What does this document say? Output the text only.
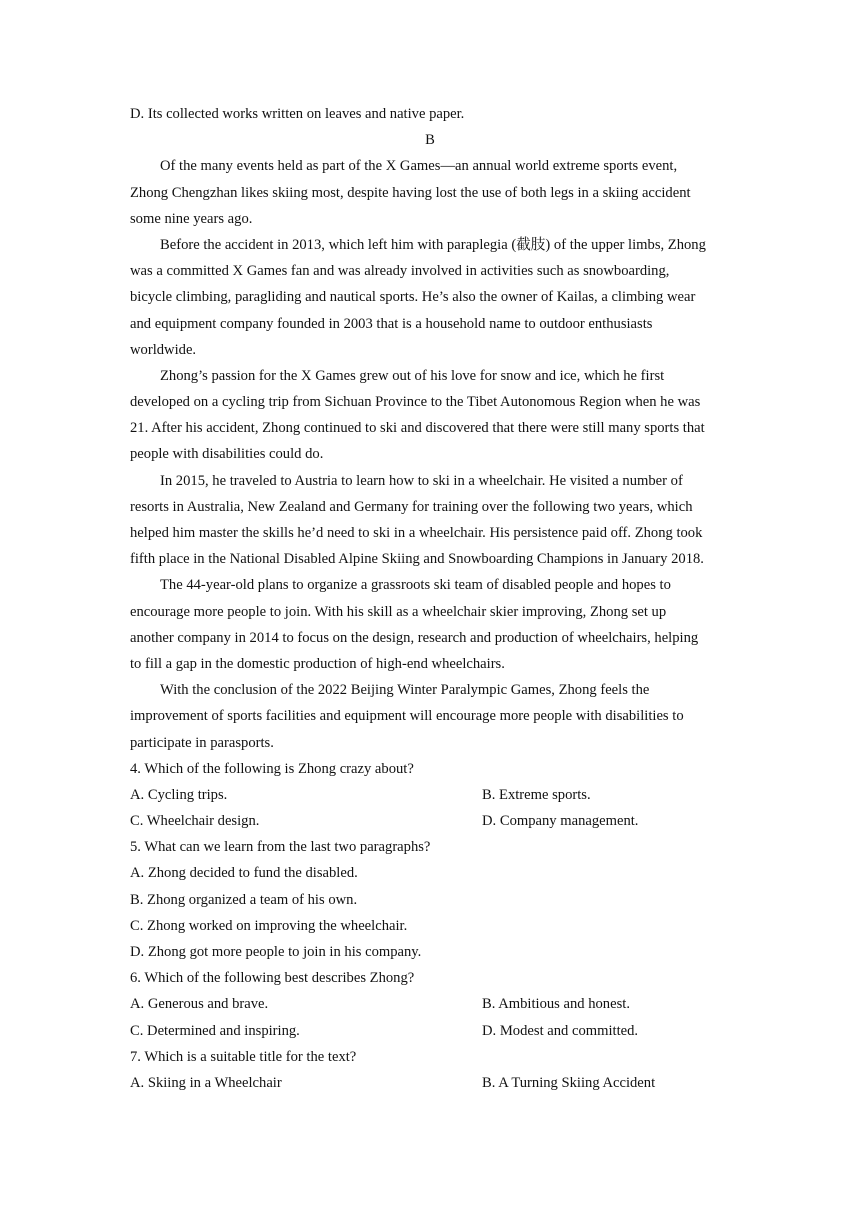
D. Its collected works written on leaves and native paper.
B
Of the many events held as part of the X Games—an annual world extreme sports event,
Zhong Chengzhan likes skiing most, despite having lost the use of both legs in a skiing accident
some nine years ago.
Before the accident in 2013, which left him with paraplegia (截肢) of the upper limbs, Zhong
was a committed X Games fan and was already involved in activities such as snowboarding,
bicycle climbing, paragliding and nautical sports. He’s also the owner of Kailas, a climbing wear
and equipment company founded in 2003 that is a household name to outdoor enthusiasts
worldwide.
Zhong’s passion for the X Games grew out of his love for snow and ice, which he first
developed on a cycling trip from Sichuan Province to the Tibet Autonomous Region when he was
21. After his accident, Zhong continued to ski and discovered that there were still many sports that
people with disabilities could do.
In 2015, he traveled to Austria to learn how to ski in a wheelchair. He visited a number of
resorts in Australia, New Zealand and Germany for training over the following two years, which
helped him master the skills he’d need to ski in a wheelchair. His persistence paid off. Zhong took
fifth place in the National Disabled Alpine Skiing and Snowboarding Champions in January 2018.
The 44-year-old plans to organize a grassroots ski team of disabled people and hopes to
encourage more people to join. With his skill as a wheelchair skier improving, Zhong set up
another company in 2014 to focus on the design, research and production of wheelchairs, helping
to fill a gap in the domestic production of high-end wheelchairs.
With the conclusion of the 2022 Beijing Winter Paralympic Games, Zhong feels the
improvement of sports facilities and equipment will encourage more people with disabilities to
participate in parasports.
4. Which of the following is Zhong crazy about?
A. Cycling trips.	B. Extreme sports.
C. Wheelchair design.	D. Company management.
5. What can we learn from the last two paragraphs?
A. Zhong decided to fund the disabled.
B. Zhong organized a team of his own.
C. Zhong worked on improving the wheelchair.
D. Zhong got more people to join in his company.
6. Which of the following best describes Zhong?
A. Generous and brave.	B. Ambitious and honest.
C. Determined and inspiring.	D. Modest and committed.
7. Which is a suitable title for the text?
A. Skiing in a Wheelchair	B. A Turning Skiing Accident
